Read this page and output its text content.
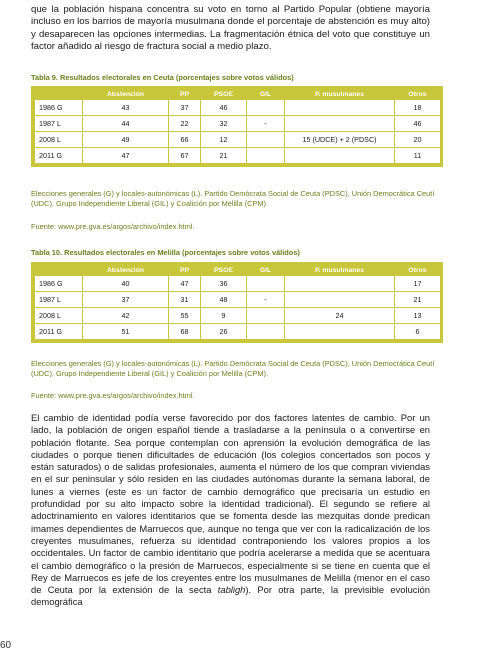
que la población hispana concentra su voto en torno al Partido Popular (obtiene mayoría incluso en los barrios de mayoría musulmana donde el porcentaje de abstención es muy alto) y desaparecen las opciones intermedias. La fragmentación étnica del voto que constituye un factor añadido al riesgo de fractura social a medio plazo.

Tabla 9. Resultados electorales en Ceuta (porcentajes sobre votos válidos)

	Abstención	PP	PSOE	GIL	P. musulmanes	Otros
1986 G	43	37	46			18
1987 L	44	22	32	-		46
2008 L	49	66	12		15 (UDCE) + 2 (PDSC)	20
2011 G	47	67	21			11

Elecciones generales (G) y locales-autonómicas (L). Partido Demócrata Social de Ceuta (PDSC), Unión Democrática Ceutí (UDC), Grupo Independiente Liberal (GIL) y Coalición por Melilla (CPM).

Fuente: www.pre.gva.es/argos/archivo/index.html.

Tabla 10. Resultados electorales en Melilla (porcentajes sobre votos válidos)

	Abstención	PP	PSOE	GIL	P. musulmanes	Otros
1986 G	40	47	36			17
1987 L	37	31	48	-		21
2008 L	42	55	9		24	13
2011 G	51	68	26			6

Elecciones generales (G) y locales-autonómicas (L). Partido Demócrata Social de Ceuta (PDSC), Unión Democrática Ceutí (UDC), Grupo Independiente Liberal (GIL) y Coalición por Melilla (CPM).

Fuente: www.pre.gva.es/argos/archivo/index.html.

El cambio de identidad podía verse favorecido por dos factores latentes de cambio. Por un lado, la población de origen español tiende a trasladarse a la península o a convertirse en población flotante. Sea porque contemplan con aprensión la evolución demográfica de las ciudades o porque tienen dificultades de educación (los colegios concertados son pocos y están saturados) o de salidas profesionales, aumenta el número de los que compran viviendas en el sur peninsular y sólo residen en las ciudades autónomas durante la semana laboral, de lunes a viernes (este es un factor de cambio demográfico que precisaría un estudio en profundidad por su alto impacto sobre la identidad tradicional). El segundo se refiere al adoctrinamiento en valores identitarios que se fomenta desde las mezquitas donde predican imames dependientes de Marruecos que, aunque no tenga que ver con la radicalización de los creyentes musulmanes, refuerza su identidad contraponiendo los valores propios a los occidentales. Un factor de cambio identitario que podría acelerarse a medida que se acentuara el cambio demográfico o la presión de Marruecos, especialmente si se tiene en cuenta que el Rey de Marruecos es jefe de los creyentes entre los musulmanes de Melilla (menor en el caso de Ceuta por la extensión de la secta tabligh). Por otra parte, la previsible evolución demográfica

60
